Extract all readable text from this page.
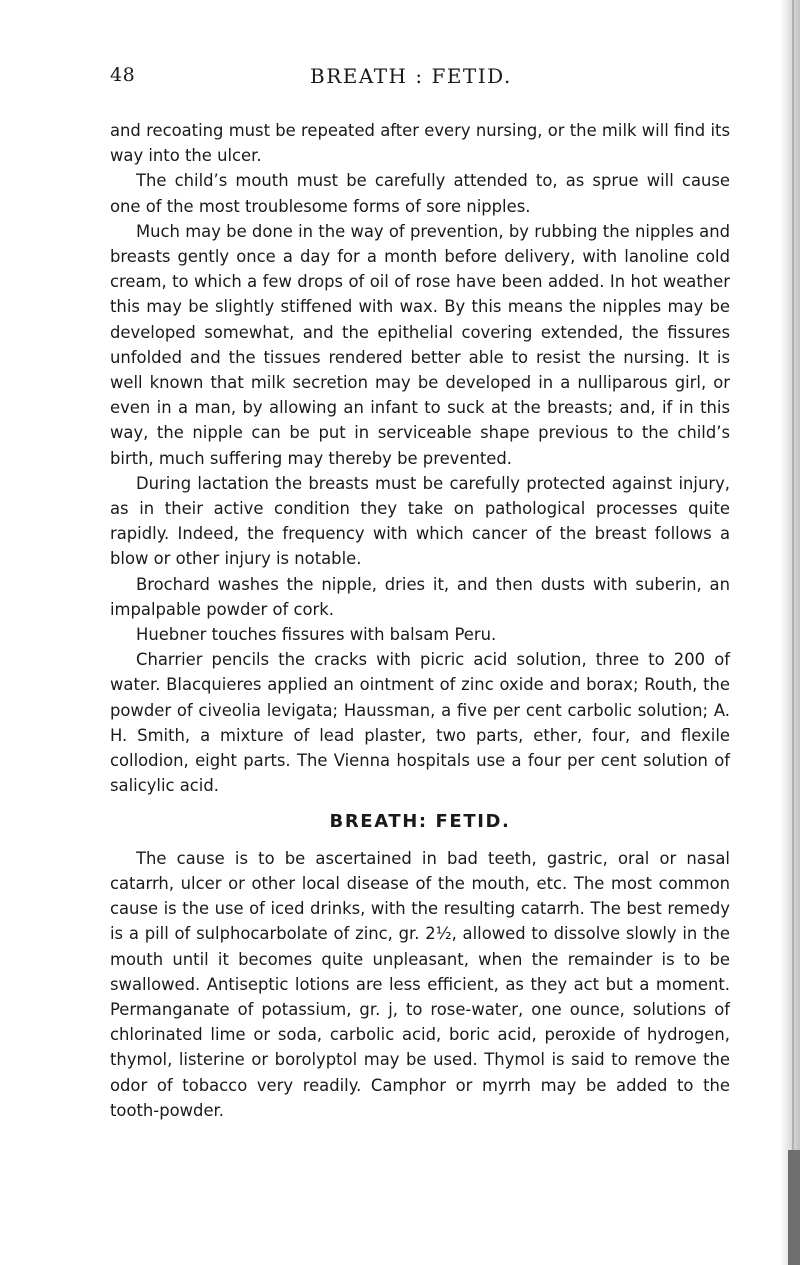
48	BREATH : FETID.

and recoating must be repeated after every nursing, or the milk will find its way into the ulcer.

The child’s mouth must be carefully attended to, as sprue will cause one of the most troublesome forms of sore nipples.

Much may be done in the way of prevention, by rubbing the nipples and breasts gently once a day for a month before delivery, with lanoline cold cream, to which a few drops of oil of rose have been added. In hot weather this may be slightly stiffened with wax. By this means the nipples may be developed somewhat, and the epithelial covering extended, the fissures unfolded and the tissues rendered better able to resist the nursing. It is well known that milk secretion may be developed in a nulliparous girl, or even in a man, by allowing an infant to suck at the breasts; and, if in this way, the nipple can be put in serviceable shape previous to the child’s birth, much suffering may thereby be prevented.

During lactation the breasts must be carefully protected against injury, as in their active condition they take on pathological processes quite rapidly. Indeed, the frequency with which cancer of the breast follows a blow or other injury is notable.

Brochard washes the nipple, dries it, and then dusts with suberin, an impalpable powder of cork.

Huebner touches fissures with balsam Peru.

Charrier pencils the cracks with picric acid solution, three to 200 of water. Blacquieres applied an ointment of zinc oxide and borax; Routh, the powder of civeolia levigata; Haussman, a five per cent carbolic solution; A. H. Smith, a mixture of lead plaster, two parts, ether, four, and flexile collodion, eight parts. The Vienna hospitals use a four per cent solution of salicylic acid.

BREATH: FETID.

The cause is to be ascertained in bad teeth, gastric, oral or nasal catarrh, ulcer or other local disease of the mouth, etc. The most common cause is the use of iced drinks, with the resulting catarrh. The best remedy is a pill of sulphocarbolate of zinc, gr. 2½, allowed to dissolve slowly in the mouth until it becomes quite unpleasant, when the remainder is to be swallowed. Antiseptic lotions are less efficient, as they act but a moment. Permanganate of potassium, gr. j, to rose-water, one ounce, solutions of chlorinated lime or soda, carbolic acid, boric acid, peroxide of hydrogen, thymol, listerine or borolyptol may be used. Thymol is said to remove the odor of tobacco very readily. Camphor or myrrh may be added to the tooth-powder.
